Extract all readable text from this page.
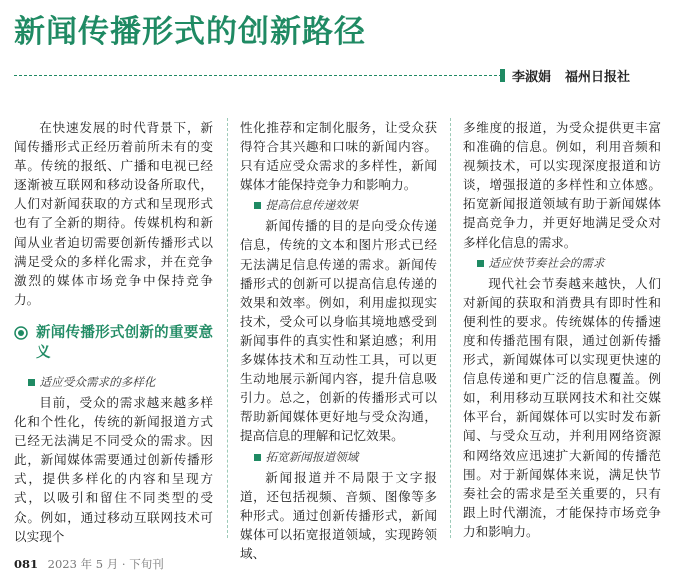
新闻传播形式的创新路径
李淑娟 福州日报社

在快速发展的时代背景下，新闻传播形式正经历着前所未有的变革。传统的报纸、广播和电视已经逐渐被互联网和移动设备所取代，人们对新闻获取的方式和呈现形式也有了全新的期待。传媒机构和新闻从业者迫切需要创新传播形式以满足受众的多样化需求，并在竞争激烈的媒体市场竞争中保持竞争力。

新闻传播形式创新的重要意义
适应受众需求的多样化

目前，受众的需求越来越多样化和个性化，传统的新闻报道方式已经无法满足不同受众的需求。因此，新闻媒体需要通过创新传播形式，提供多样化的内容和呈现方式，以吸引和留住不同类型的受众。例如，通过移动互联网技术可以实现个

性化推荐和定制化服务，让受众获得符合其兴趣和口味的新闻内容。只有适应受众需求的多样性，新闻媒体才能保持竞争力和影响力。

提高信息传递效果

新闻传播的目的是向受众传递信息，传统的文本和图片形式已经无法满足信息传递的需求。新闻传播形式的创新可以提高信息传递的效果和效率。例如，利用虚拟现实技术，受众可以身临其境地感受到新闻事件的真实性和紧迫感；利用多媒体技术和互动性工具，可以更生动地展示新闻内容，提升信息吸引力。总之，创新的传播形式可以帮助新闻媒体更好地与受众沟通，提高信息的理解和记忆效果。

拓宽新闻报道领域

新闻报道并不局限于文字报道，还包括视频、音频、图像等多种形式。通过创新传播形式，新闻媒体可以拓宽报道领域，实现跨领域、

多维度的报道，为受众提供更丰富和准确的信息。例如，利用音频和视频技术，可以实现深度报道和访谈，增强报道的多样性和立体感。拓宽新闻报道领域有助于新闻媒体提高竞争力，并更好地满足受众对多样化信息的需求。

适应快节奏社会的需求

现代社会节奏越来越快，人们对新闻的获取和消费具有即时性和便利性的要求。传统媒体的传播速度和传播范围有限，通过创新传播形式，新闻媒体可以实现更快速的信息传递和更广泛的信息覆盖。例如，利用移动互联网技术和社交媒体平台，新闻媒体可以实时发布新闻、与受众互动，并利用网络资源和网络效应迅速扩大新闻的传播范围。对于新闻媒体来说，满足快节奏社会的需求是至关重要的，只有跟上时代潮流，才能保持市场竞争力和影响力。

081 2023 年 5 月 · 下旬刊
